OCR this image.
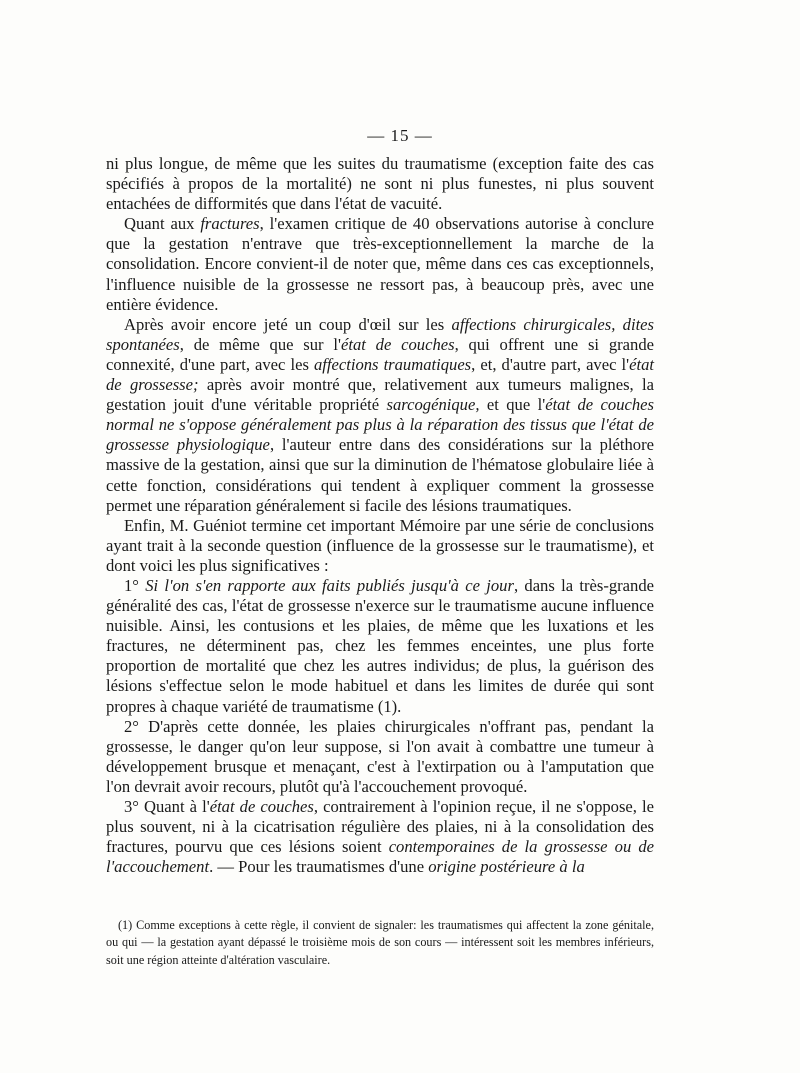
— 15 —

ni plus longue, de même que les suites du traumatisme (exception faite des cas spécifiés à propos de la mortalité) ne sont ni plus funestes, ni plus souvent entachées de difformités que dans l'état de vacuité.

Quant aux fractures, l'examen critique de 40 observations autorise à conclure que la gestation n'entrave que très-exceptionnellement la marche de la consolidation. Encore convient-il de noter que, même dans ces cas exceptionnels, l'influence nuisible de la grossesse ne ressort pas, à beaucoup près, avec une entière évidence.

Après avoir encore jeté un coup d'œil sur les affections chirurgicales, dites spontanées, de même que sur l'état de couches, qui offrent une si grande connexité, d'une part, avec les affections traumatiques, et, d'autre part, avec l'état de grossesse; après avoir montré que, relativement aux tumeurs malignes, la gestation jouit d'une véritable propriété sarcogénique, et que l'état de couches normal ne s'oppose généralement pas plus à la réparation des tissus que l'état de grossesse physiologique, l'auteur entre dans des considérations sur la pléthore massive de la gestation, ainsi que sur la diminution de l'hématose globulaire liée à cette fonction, considérations qui tendent à expliquer comment la grossesse permet une réparation généralement si facile des lésions traumatiques.

Enfin, M. Guéniot termine cet important Mémoire par une série de conclusions ayant trait à la seconde question (influence de la grossesse sur le traumatisme), et dont voici les plus significatives :

1° Si l'on s'en rapporte aux faits publiés jusqu'à ce jour, dans la très-grande généralité des cas, l'état de grossesse n'exerce sur le traumatisme aucune influence nuisible. Ainsi, les contusions et les plaies, de même que les luxations et les fractures, ne déterminent pas, chez les femmes enceintes, une plus forte proportion de mortalité que chez les autres individus; de plus, la guérison des lésions s'effectue selon le mode habituel et dans les limites de durée qui sont propres à chaque variété de traumatisme (1).

2° D'après cette donnée, les plaies chirurgicales n'offrant pas, pendant la grossesse, le danger qu'on leur suppose, si l'on avait à combattre une tumeur à développement brusque et menaçant, c'est à l'extirpation ou à l'amputation que l'on devrait avoir recours, plutôt qu'à l'accouchement provoqué.

3° Quant à l'état de couches, contrairement à l'opinion reçue, il ne s'oppose, le plus souvent, ni à la cicatrisation régulière des plaies, ni à la consolidation des fractures, pourvu que ces lésions soient contemporaines de la grossesse ou de l'accouchement. — Pour les traumatismes d'une origine postérieure à la

(1) Comme exceptions à cette règle, il convient de signaler: les traumatismes qui affectent la zone génitale, ou qui — la gestation ayant dépassé le troisième mois de son cours — intéressent soit les membres inférieurs, soit une région atteinte d'altération vasculaire.
